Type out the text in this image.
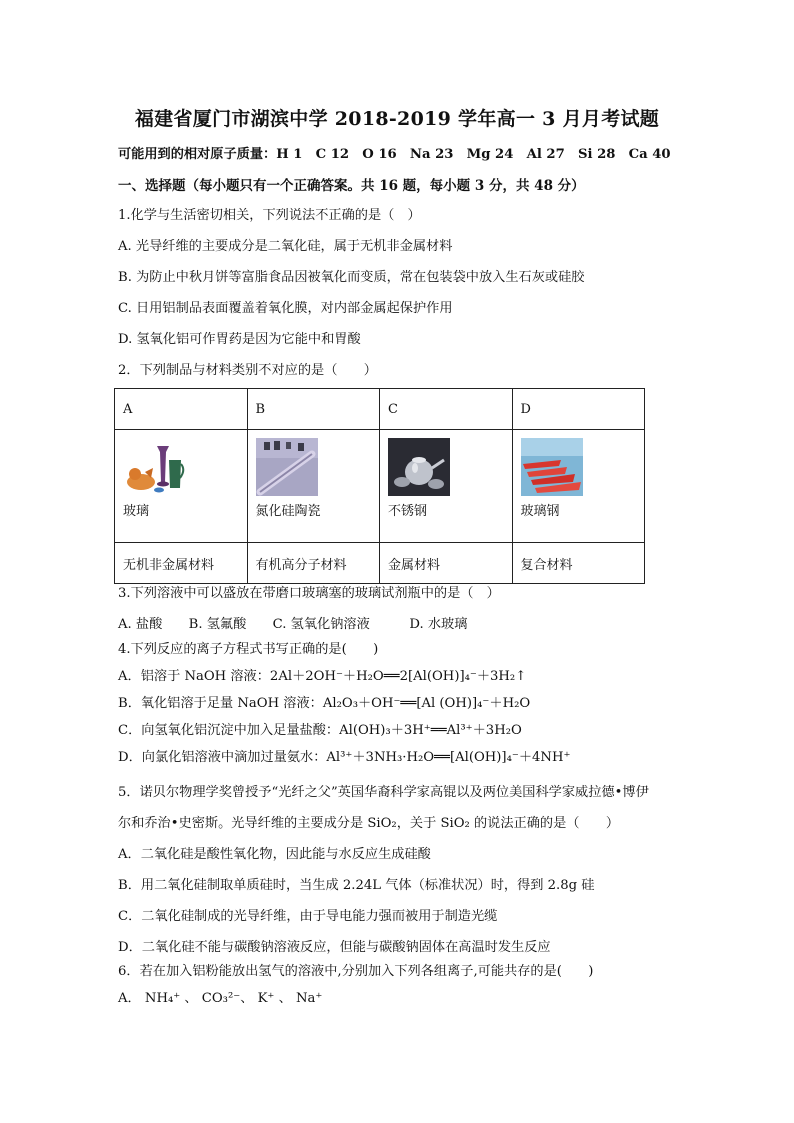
福建省厦门市湖滨中学 2018-2019 学年高一 3 月月考试题
可能用到的相对原子质量：H 1　C 12　O 16　Na 23　Mg 24　Al 27　Si 28　Ca 40
一、选择题（每小题只有一个正确答案。共 16 题，每小题 3 分，共 48 分）
1.化学与生活密切相关，下列说法不正确的是（　）
A. 光导纤维的主要成分是二氧化硅，属于无机非金属材料
B. 为防止中秋月饼等富脂食品因被氧化而变质，常在包装袋中放入生石灰或硅胶
C. 日用铝制品表面覆盖着氧化膜，对内部金属起保护作用
D. 氢氧化铝可作胃药是因为它能中和胃酸
2．下列制品与材料类别不对应的是（　　）
A	B	C	D

玻璃	氮化硅陶瓷	不锈钢	玻璃钢
无机非金属材料	有机高分子材料	金属材料	复合材料
3.下列溶液中可以盛放在带磨口玻璃塞的玻璃试剂瓶中的是（　）
A. 盐酸　　B. 氢氟酸　　C. 氢氧化钠溶液　　　D. 水玻璃
4.下列反应的离子方程式书写正确的是(　　)
A．铝溶于 NaOH 溶液：2Al＋2OH⁻＋H₂O══2[Al(OH)]₄⁻＋3H₂↑
B．氧化铝溶于足量 NaOH 溶液：Al₂O₃＋OH⁻══[Al (OH)]₄⁻＋H₂O
C．向氢氧化铝沉淀中加入足量盐酸：Al(OH)₃＋3H⁺══Al³⁺＋3H₂O
D．向氯化铝溶液中滴加过量氨水：Al³⁺＋3NH₃·H₂O══[Al(OH)]₄⁻＋4NH⁺
5．诺贝尔物理学奖曾授予“光纤之父”英国华裔科学家高锟以及两位美国科学家威拉德•博伊
尔和乔治•史密斯。光导纤维的主要成分是 SiO₂，关于 SiO₂ 的说法正确的是（　　）
A．二氧化硅是酸性氧化物，因此能与水反应生成硅酸
B．用二氧化硅制取单质硅时，当生成 2.24L 气体（标准状况）时，得到 2.8g 硅
C．二氧化硅制成的光导纤维，由于导电能力强而被用于制造光缆
D．二氧化硅不能与碳酸钠溶液反应，但能与碳酸钠固体在高温时发生反应
6．若在加入铝粉能放出氢气的溶液中,分别加入下列各组离子,可能共存的是(　　)
A． NH₄⁺ 、 CO₃²⁻、 K⁺ 、 Na⁺
